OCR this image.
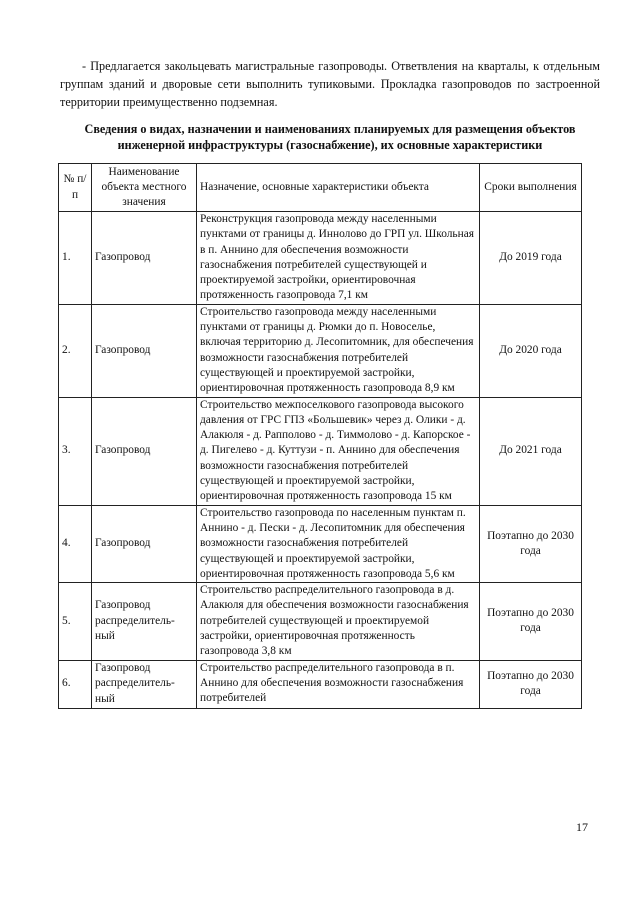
- Предлагается закольцевать магистральные газопроводы. Ответвления на кварталы, к отдельным группам зданий и дворовые сети выполнить тупиковыми. Прокладка газопроводов по застроенной территории преимущественно подземная.

Сведения о видах, назначении и наименованиях планируемых для размещения объектов
инженерной инфраструктуры (газоснабжение), их основные характеристики
№ п/п	Наименование объекта местного значения	Назначение, основные характеристики объекта	Сроки выполнения
1.	Газопровод	Реконструкция газопровода между населенными пунктами от границы д. Иннолово до ГРП ул. Школьная в п. Аннино для обеспечения возможности газоснабжения потребителей существующей и проектируемой застройки, ориентировочная протяженность газопровода 7,1 км	До 2019 года
2.	Газопровод	Строительство газопровода между населенными пунктами от границы д. Рюмки до п. Новоселье, включая территорию д. Лесопитомник, для обеспечения возможности газоснабжения потребителей существующей и проектируемой застройки, ориентировочная протяженность газопровода 8,9 км	До 2020 года
3.	Газопровод	Строительство межпоселкового газопровода высокого давления от ГРС ГПЗ «Большевик» через д. Олики - д. Алакюля - д. Рапполово - д. Тиммолово - д. Капорское - д. Пигелево - д. Куттузи - п. Аннино для обеспечения возможности газоснабжения потребителей существующей и проектируемой застройки, ориентировочная протяженность газопровода 15 км	До 2021 года
4.	Газопровод	Строительство газопровода по населенным пунктам п. Аннино - д. Пески - д. Лесопитомник для обеспечения возможности газоснабжения потребителей существующей и проектируемой застройки, ориентировочная протяженность газопровода 5,6 км	Поэтапно до 2030 года
5.	Газопровод распределитель-ный	Строительство распределительного газопровода в д. Алакюля для обеспечения возможности газоснабжения потребителей существующей и проектируемой застройки, ориентировочная протяженность газопровода 3,8 км	Поэтапно до 2030 года
6.	Газопровод распределитель-ный	Строительство распределительного газопровода в п. Аннино для обеспечения возможности газоснабжения потребителей	Поэтапно до 2030 года
17
